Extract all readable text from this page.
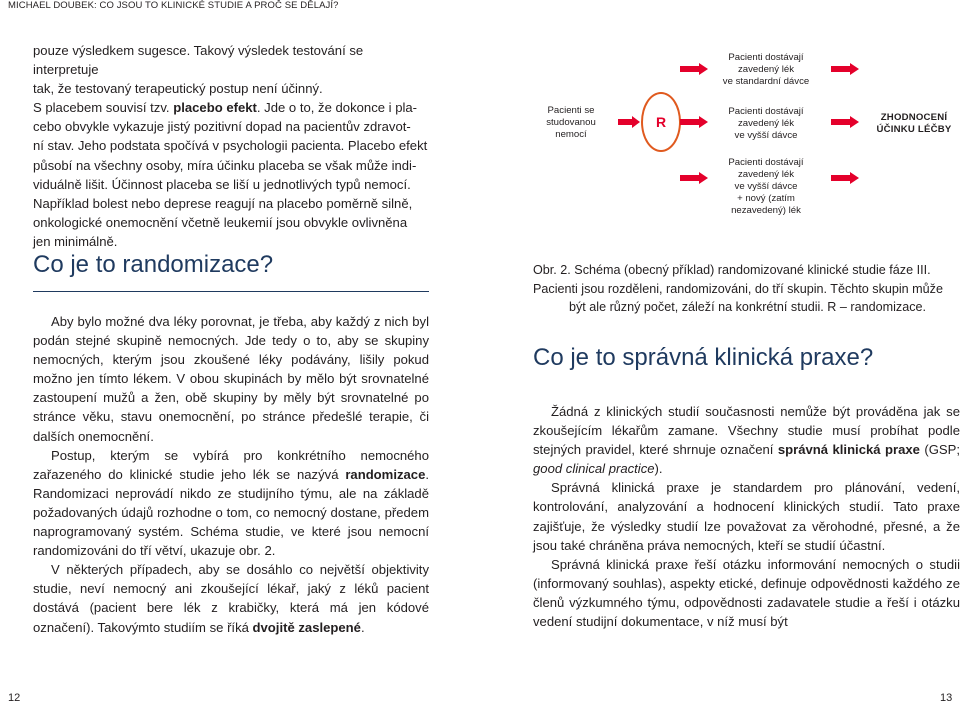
MICHAEL DOUBEK: CO JSOU TO KLINICKÉ STUDIE A PROČ SE DĚLAJÍ?

pouze výsledkem sugesce. Takový výsledek testování se interpretuje

tak, že testovaný terapeutický postup není účinný.

S placebem souvisí tzv. placebo efekt. Jde o to, že dokonce i pla-

cebo obvykle vykazuje jistý pozitivní dopad na pacientův zdravot-

ní stav. Jeho podstata spočívá v psychologii pacienta. Placebo efekt

působí na všechny osoby, míra účinku placeba se však může indi-

viduálně lišit. Účinnost placeba se liší u jednotlivých typů nemocí.

Například bolest nebo deprese reagují na placebo poměrně silně,

onkologické onemocnění včetně leukemií jsou obvykle ovlivněna

jen minimálně.

Co je to randomizace?

Aby bylo možné dva léky porovnat, je třeba, aby každý z nich byl podán stejné skupině nemocných. Jde tedy o to, aby se skupiny nemocných, kterým jsou zkoušené léky podávány, lišily pokud možno jen tímto lékem. V obou skupinách by mělo být srovnatelné zastoupení mužů a žen, obě skupiny by měly být srovnatelné po stránce věku, stavu onemocnění, po stránce předešlé terapie, či dalších onemocnění.

Postup, kterým se vybírá pro konkrétního nemocného zařazeného do klinické studie jeho lék se nazývá randomizace. Randomizaci neprovádí nikdo ze studijního týmu, ale na základě požadovaných údajů rozhodne o tom, co nemocný dostane, předem naprogramovaný systém. Schéma studie, ve které jsou nemocní randomizováni do tří větví, ukazuje obr. 2.

V některých případech, aby se dosáhlo co největší objektivity studie, neví nemocný ani zkoušející lékař, jaký z léků pacient dostává (pacient bere lék z krabičky, která má jen kódové označení). Takovýmto studiím se říká dvojitě zaslepené.

Pacienti se
studovanou
nemocí
R
Pacienti dostávají
zavedený lék
ve standardní dávce
Pacienti dostávají
zavedený lék
ve vyšší dávce
Pacienti dostávají
zavedený lék
ve vyšší dávce
+ nový (zatím
nezavedený) lék
ZHODNOCENÍ
ÚČINKU LÉČBY

Obr. 2. Schéma (obecný příklad) randomizované klinické studie fáze III.

Pacienti jsou rozděleni, randomizováni, do tří skupin. Těchto skupin může

být ale různý počet, záleží na konkrétní studii. R – randomizace.

Co je to správná klinická praxe?

Žádná z klinických studií současnosti nemůže být prováděna jak se zkoušejícím lékařům zamane. Všechny studie musí probíhat podle stejných pravidel, které shrnuje označení správná klinická praxe (GSP; good clinical practice).

Správná klinická praxe je standardem pro plánování, vedení, kontrolování, analyzování a hodnocení klinických studií. Tato praxe zajišťuje, že výsledky studií lze považovat za věrohodné, přesné, a že jsou také chráněna práva nemocných, kteří se studií účastní.

Správná klinická praxe řeší otázku informování nemocných o studii (informovaný souhlas), aspekty etické, definuje odpovědnosti každého ze členů výzkumného týmu, odpovědnosti zadavatele studie a řeší i otázku vedení studijní dokumentace, v níž musí být

12	13
